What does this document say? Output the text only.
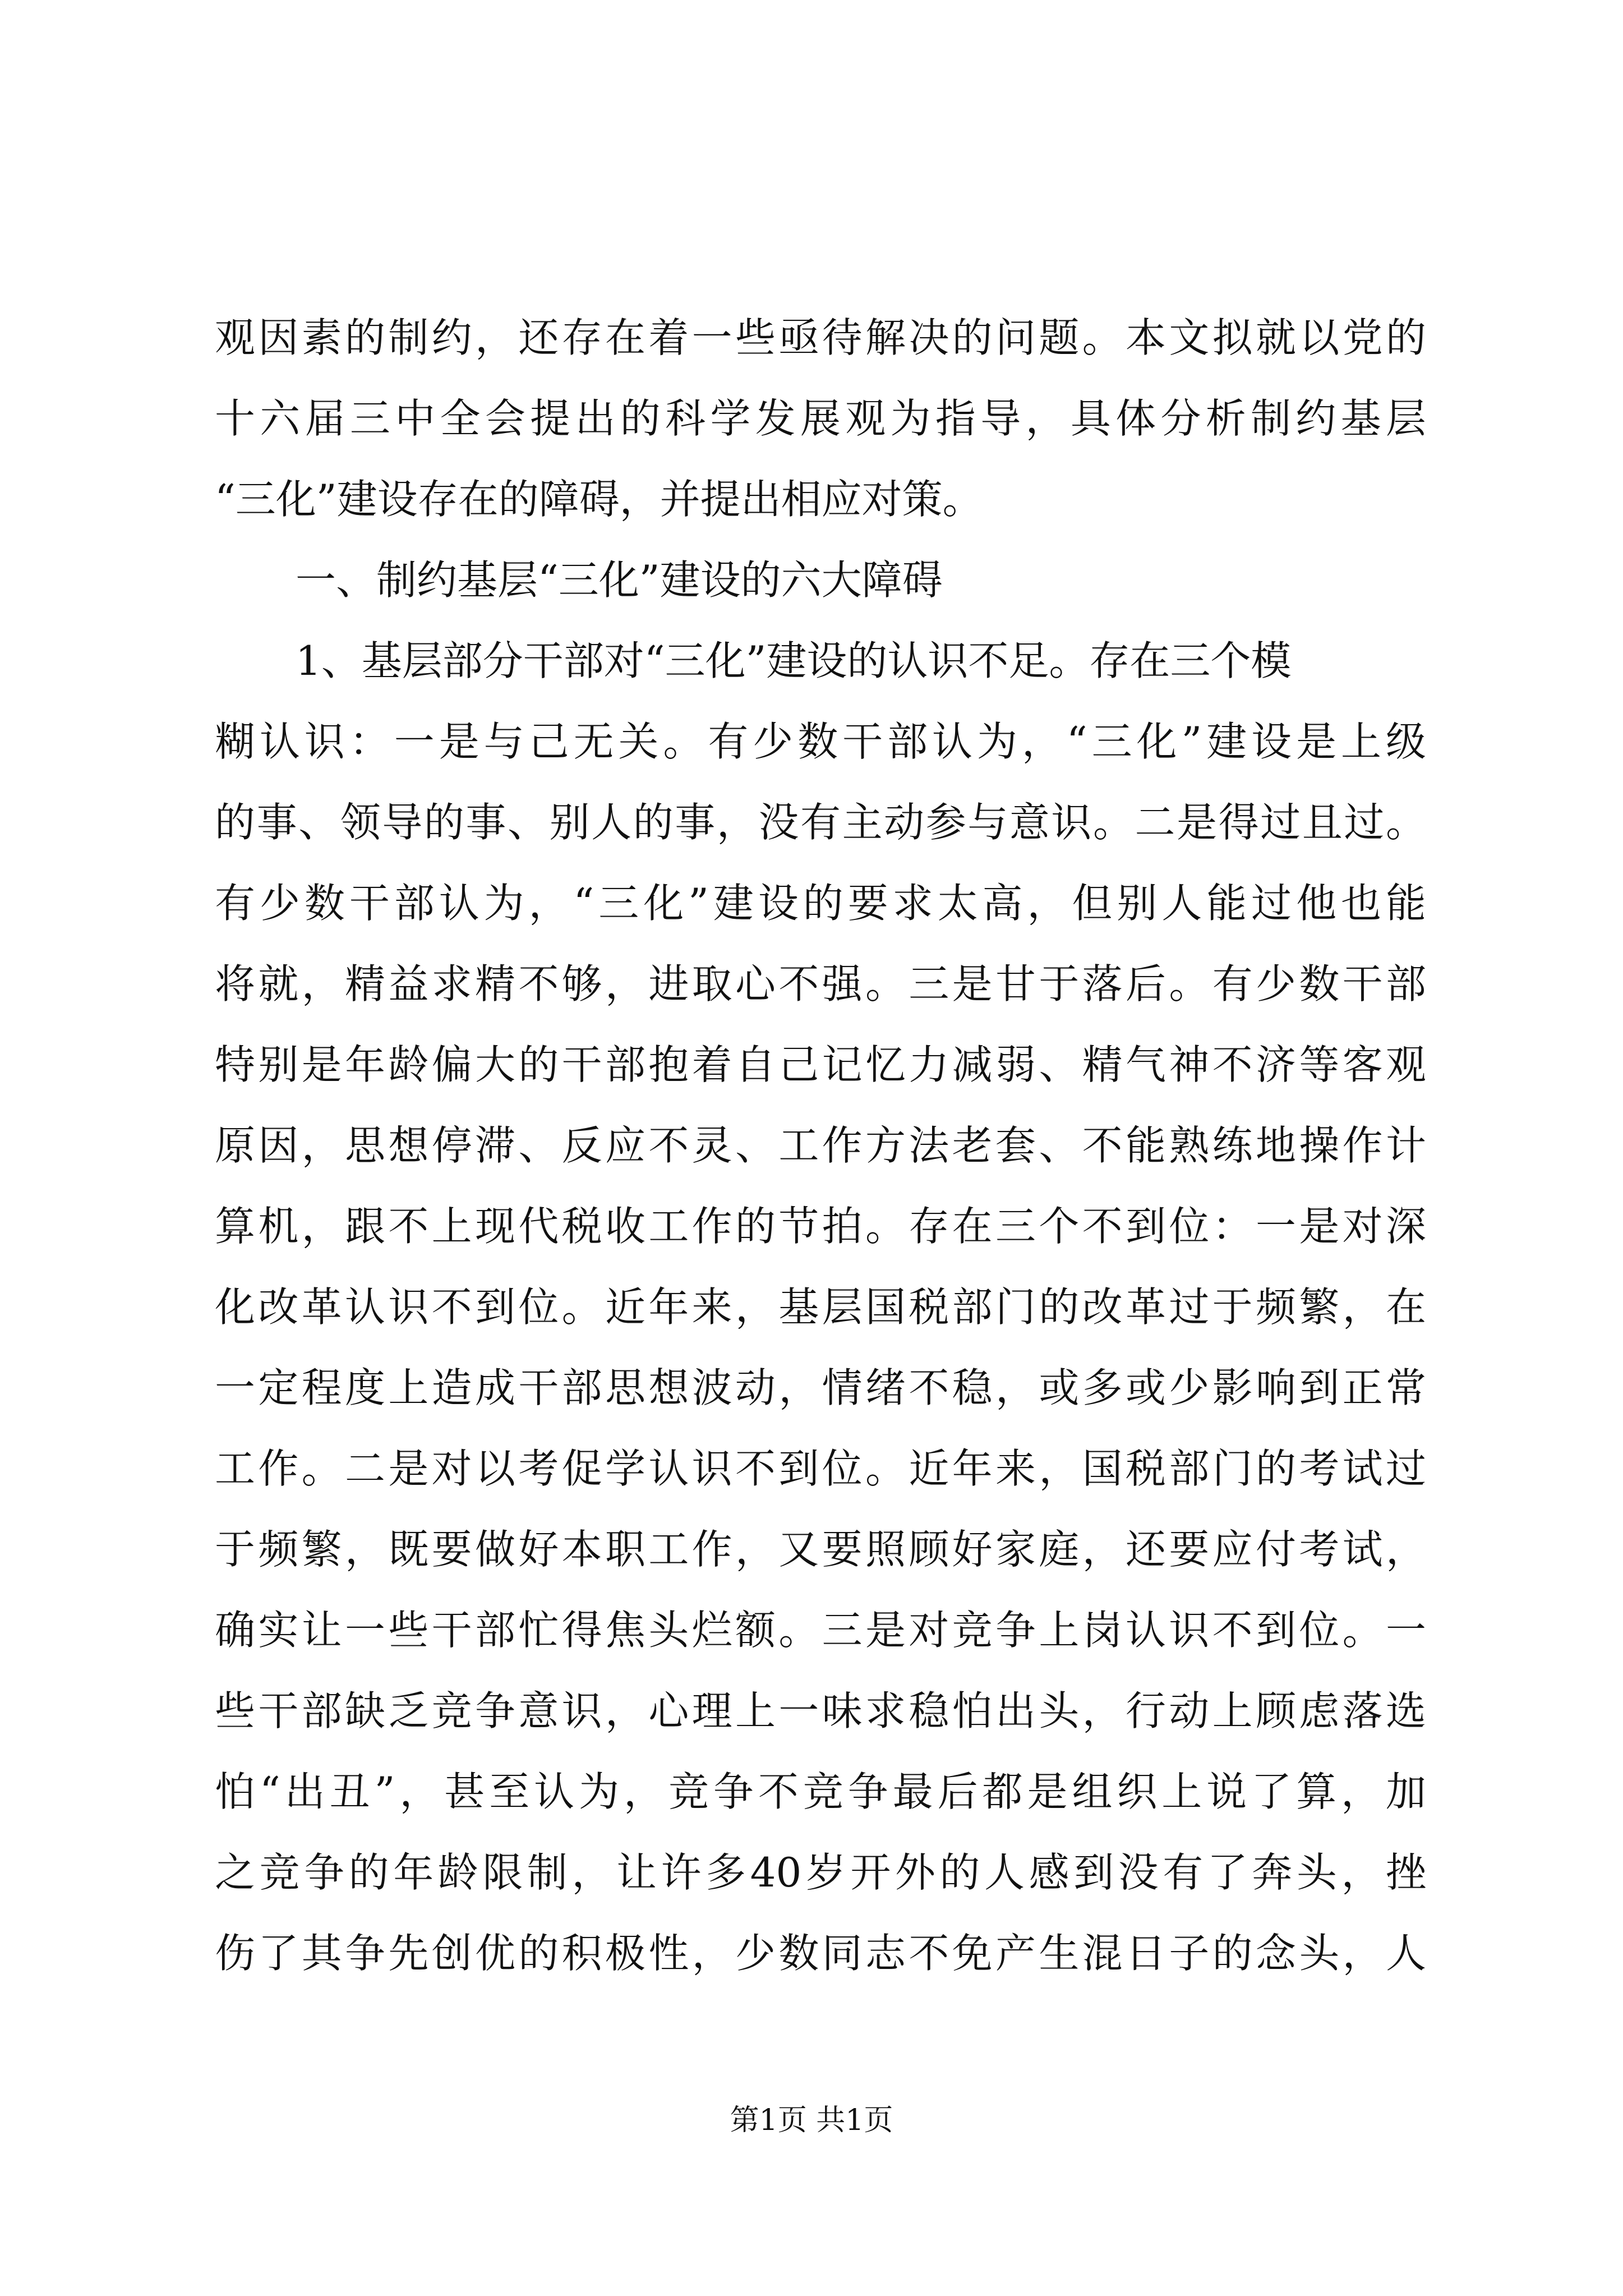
观因素的制约，还存在着一些亟待解决的问题。本文拟就以党的
十六届三中全会提出的科学发展观为指导，具体分析制约基层
“三化”建设存在的障碍，并提出相应对策。
一、制约基层“三化”建设的六大障碍
1、基层部分干部对“三化”建设的认识不足。存在三个模
糊认识：一是与己无关。有少数干部认为，“三化”建设是上级
的事、领导的事、别人的事，没有主动参与意识。二是得过且过。
有少数干部认为，“三化”建设的要求太高，但别人能过他也能
将就，精益求精不够，进取心不强。三是甘于落后。有少数干部
特别是年龄偏大的干部抱着自己记忆力减弱、精气神不济等客观
原因，思想停滞、反应不灵、工作方法老套、不能熟练地操作计
算机，跟不上现代税收工作的节拍。存在三个不到位：一是对深
化改革认识不到位。近年来，基层国税部门的改革过于频繁，在
一定程度上造成干部思想波动，情绪不稳，或多或少影响到正常
工作。二是对以考促学认识不到位。近年来，国税部门的考试过
于频繁，既要做好本职工作，又要照顾好家庭，还要应付考试，
确实让一些干部忙得焦头烂额。三是对竞争上岗认识不到位。一
些干部缺乏竞争意识，心理上一味求稳怕出头，行动上顾虑落选
怕“出丑”，甚至认为，竞争不竞争最后都是组织上说了算，加
之竞争的年龄限制，让许多40岁开外的人感到没有了奔头，挫
伤了其争先创优的积极性，少数同志不免产生混日子的念头，人
第1页 共1页
